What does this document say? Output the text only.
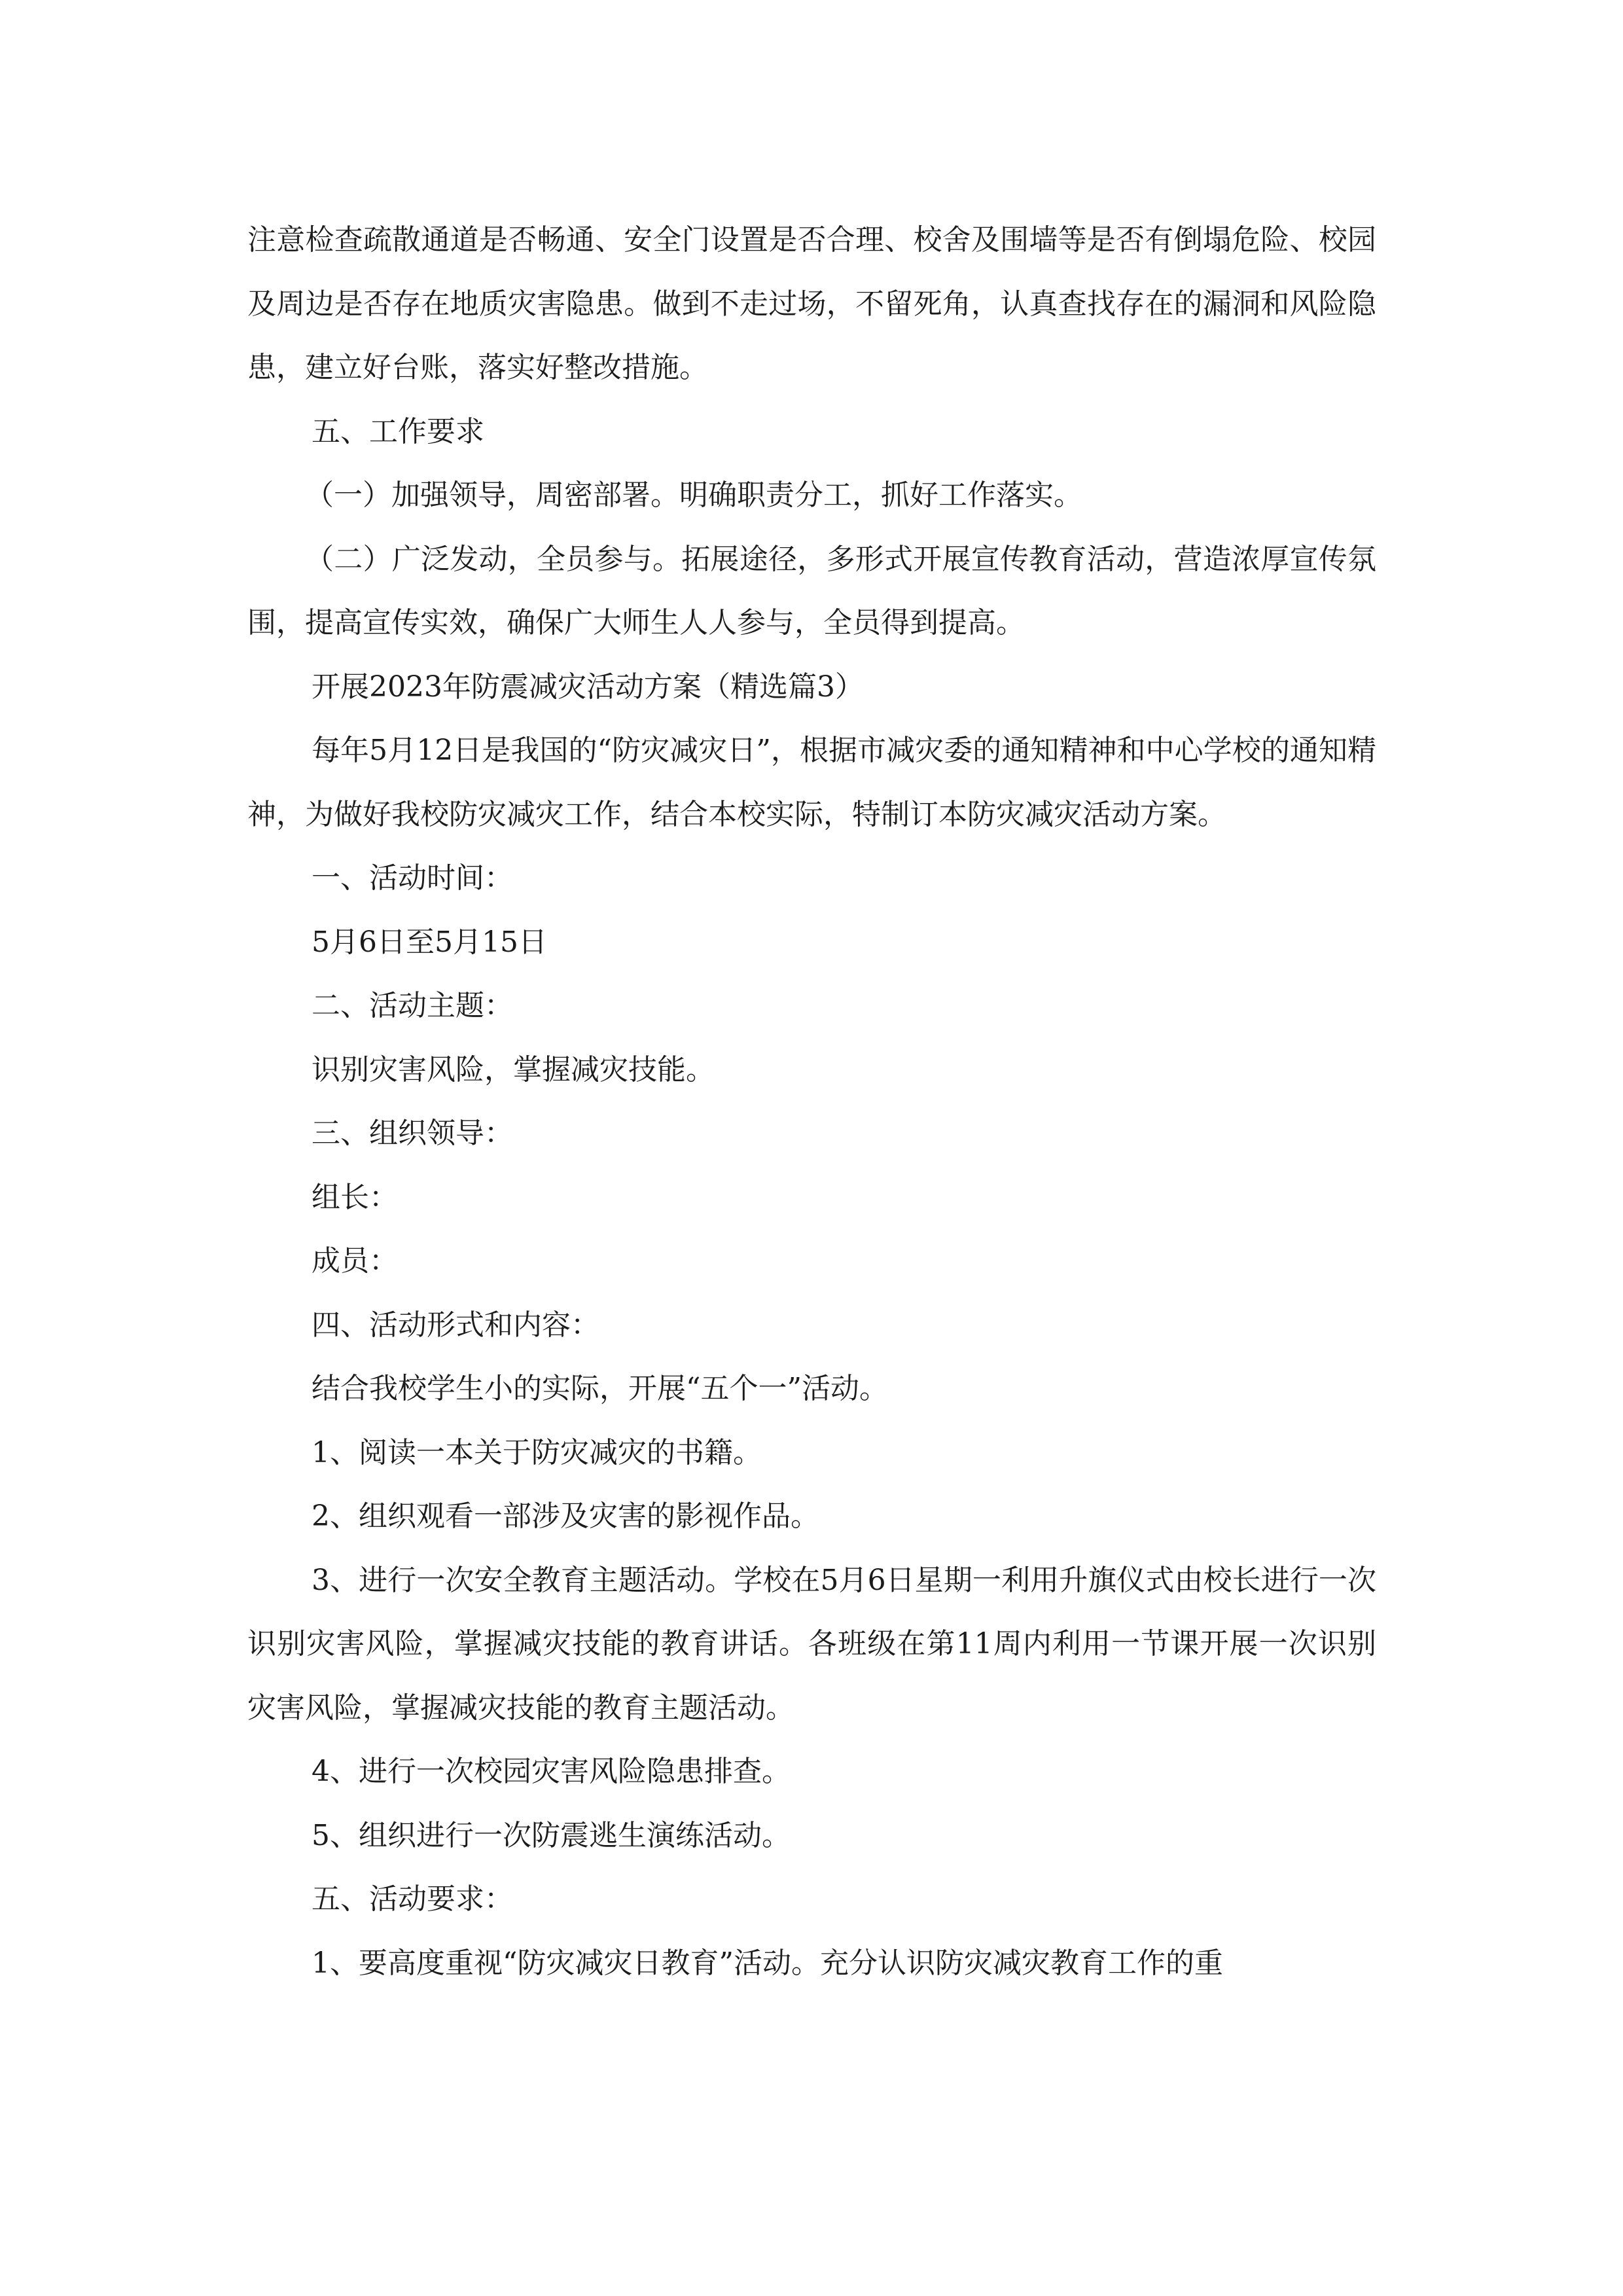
注意检查疏散通道是否畅通、安全门设置是否合理、校舍及围墙等是否有倒塌危险、校园及周边是否存在地质灾害隐患。做到不走过场，不留死角，认真查找存在的漏洞和风险隐患，建立好台账，落实好整改措施。

五、工作要求

（一）加强领导，周密部署。明确职责分工，抓好工作落实。

（二）广泛发动，全员参与。拓展途径，多形式开展宣传教育活动，营造浓厚宣传氛围，提高宣传实效，确保广大师生人人参与，全员得到提高。

开展2023年防震减灾活动方案（精选篇3）

每年5月12日是我国的“防灾减灾日”，根据市减灾委的通知精神和中心学校的通知精神，为做好我校防灾减灾工作，结合本校实际，特制订本防灾减灾活动方案。

一、活动时间：

5月6日至5月15日

二、活动主题：

识别灾害风险，掌握减灾技能。

三、组织领导：

组长：

成员：

四、活动形式和内容：

结合我校学生小的实际，开展“五个一”活动。

1、阅读一本关于防灾减灾的书籍。

2、组织观看一部涉及灾害的影视作品。

3、进行一次安全教育主题活动。学校在5月6日星期一利用升旗仪式由校长进行一次识别灾害风险，掌握减灾技能的教育讲话。各班级在第11周内利用一节课开展一次识别灾害风险，掌握减灾技能的教育主题活动。

4、进行一次校园灾害风险隐患排查。

5、组织进行一次防震逃生演练活动。

五、活动要求：

1、要高度重视“防灾减灾日教育”活动。充分认识防灾减灾教育工作的重
